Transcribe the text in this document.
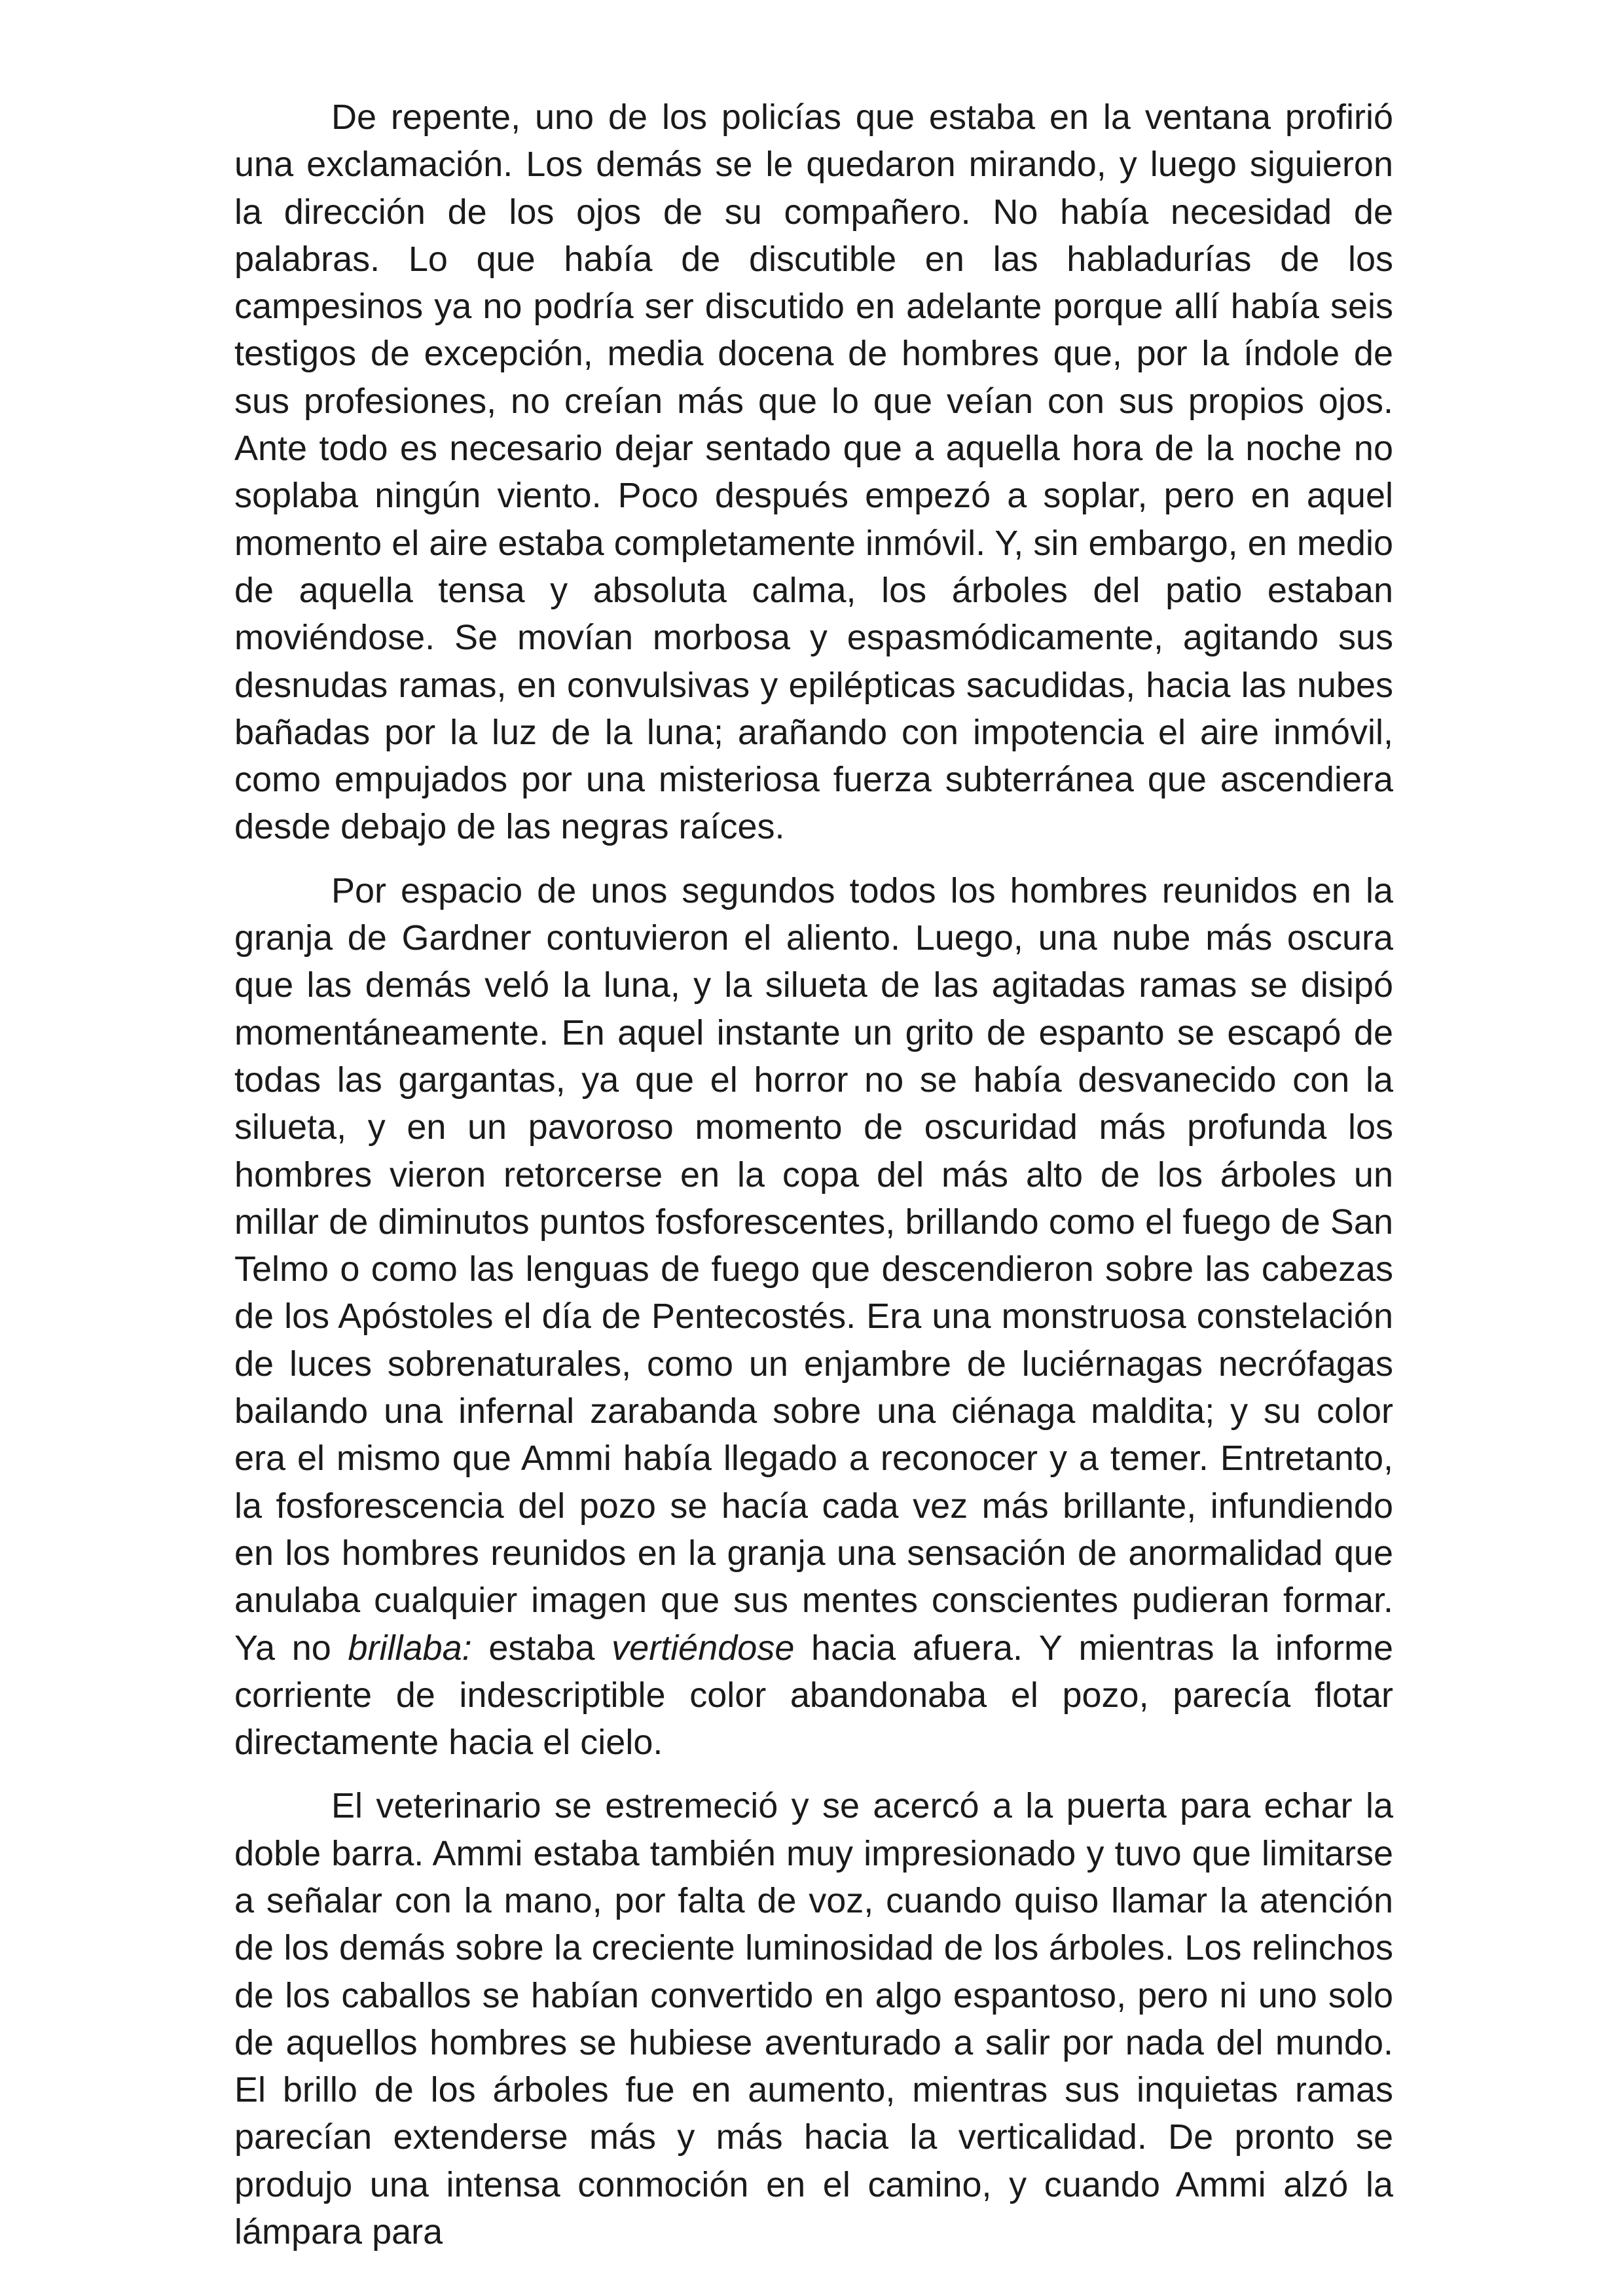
De repente, uno de los policías que estaba en la ventana profirió una exclamación. Los demás se le quedaron mirando, y luego siguieron la dirección de los ojos de su compañero. No había necesidad de palabras. Lo que había de discutible en las habladurías de los campesinos ya no podría ser discutido en adelante porque allí había seis testigos de excepción, media docena de hombres que, por la índole de sus profesiones, no creían más que lo que veían con sus propios ojos. Ante todo es necesario dejar sentado que a aquella hora de la noche no soplaba ningún viento. Poco después empezó a soplar, pero en aquel momento el aire estaba completamente inmóvil. Y, sin embargo, en medio de aquella tensa y absoluta calma, los árboles del patio estaban moviéndose. Se movían morbosa y espasmódicamente, agitando sus desnudas ramas, en convulsivas y epilépticas sacudidas, hacia las nubes bañadas por la luz de la luna; arañando con impotencia el aire inmóvil, como empujados por una misteriosa fuerza subterránea que ascendiera desde debajo de las negras raíces.

Por espacio de unos segundos todos los hombres reunidos en la granja de Gardner contuvieron el aliento. Luego, una nube más oscura que las demás veló la luna, y la silueta de las agitadas ramas se disipó momentáneamente. En aquel instante un grito de espanto se escapó de todas las gargantas, ya que el horror no se había desvanecido con la silueta, y en un pavoroso momento de oscuridad más profunda los hombres vieron retorcerse en la copa del más alto de los árboles un millar de diminutos puntos fosforescentes, brillando como el fuego de San Telmo o como las lenguas de fuego que descendieron sobre las cabezas de los Apóstoles el día de Pentecostés. Era una monstruosa constelación de luces sobrenaturales, como un enjambre de luciérnagas necrófagas bailando una infernal zarabanda sobre una ciénaga maldita; y su color era el mismo que Ammi había llegado a reconocer y a temer. Entretanto, la fosforescencia del pozo se hacía cada vez más brillante, infundiendo en los hombres reunidos en la granja una sensación de anormalidad que anulaba cualquier imagen que sus mentes conscientes pudieran formar. Ya no brillaba: estaba vertiéndose hacia afuera. Y mientras la informe corriente de indescriptible color abandonaba el pozo, parecía flotar directamente hacia el cielo.

El veterinario se estremeció y se acercó a la puerta para echar la doble barra. Ammi estaba también muy impresionado y tuvo que limitarse a señalar con la mano, por falta de voz, cuando quiso llamar la atención de los demás sobre la creciente luminosidad de los árboles. Los relinchos de los caballos se habían convertido en algo espantoso, pero ni uno solo de aquellos hombres se hubiese aventurado a salir por nada del mundo. El brillo de los árboles fue en aumento, mientras sus inquietas ramas parecían extenderse más y más hacia la verticalidad. De pronto se produjo una intensa conmoción en el camino, y cuando Ammi alzó la lámpara para
